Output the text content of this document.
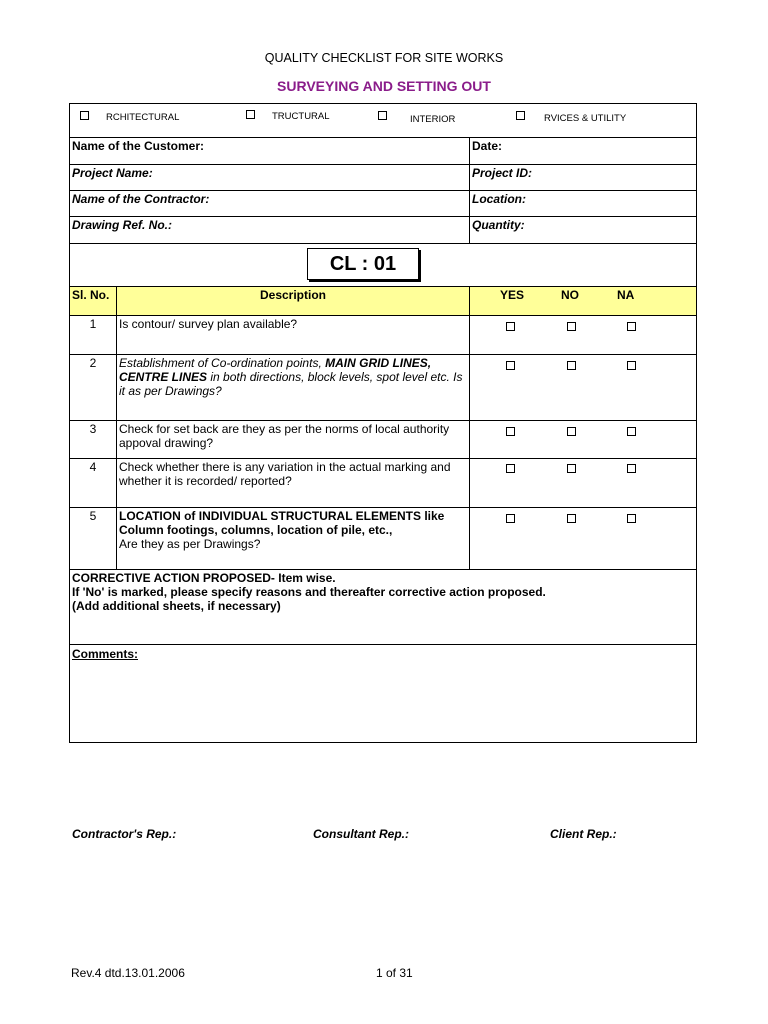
QUALITY CHECKLIST FOR SITE WORKS
SURVEYING AND SETTING OUT
RCHITECTURAL TRUCTURAL INTERIOR RVICES & UTILITY		

Name of the Customer:		Date:
Project Name:		Project ID:
Name of the Contractor:		Location:
Drawing Ref. No.:		Quantity:

Sl. No.	Description	YES NO NA

1	Is contour/ survey plan available?	

2	Establishment of Co-ordination points, MAIN GRID LINES, CENTRE LINES in both directions, block levels, spot level etc. Is it as per Drawings?	

3	Check for set back are they as per the norms of local authority appoval drawing?	

4	Check whether there is any variation in the actual marking and whether it is recorded/ reported?	

5	LOCATION of INDIVIDUAL STRUCTURAL ELEMENTS like Column footings, columns, location of pile, etc.,
Are they as per Drawings?	

CORRECTIVE ACTION PROPOSED- Item wise.
If 'No' is marked, please specify reasons and thereafter corrective action proposed.
(Add additional sheets, if necessary)		

Comments:		
CL : 01
Contractor's Rep.:	Consultant Rep.:	Client Rep.:
Rev.4 dtd.13.01.2006	1 of 31
